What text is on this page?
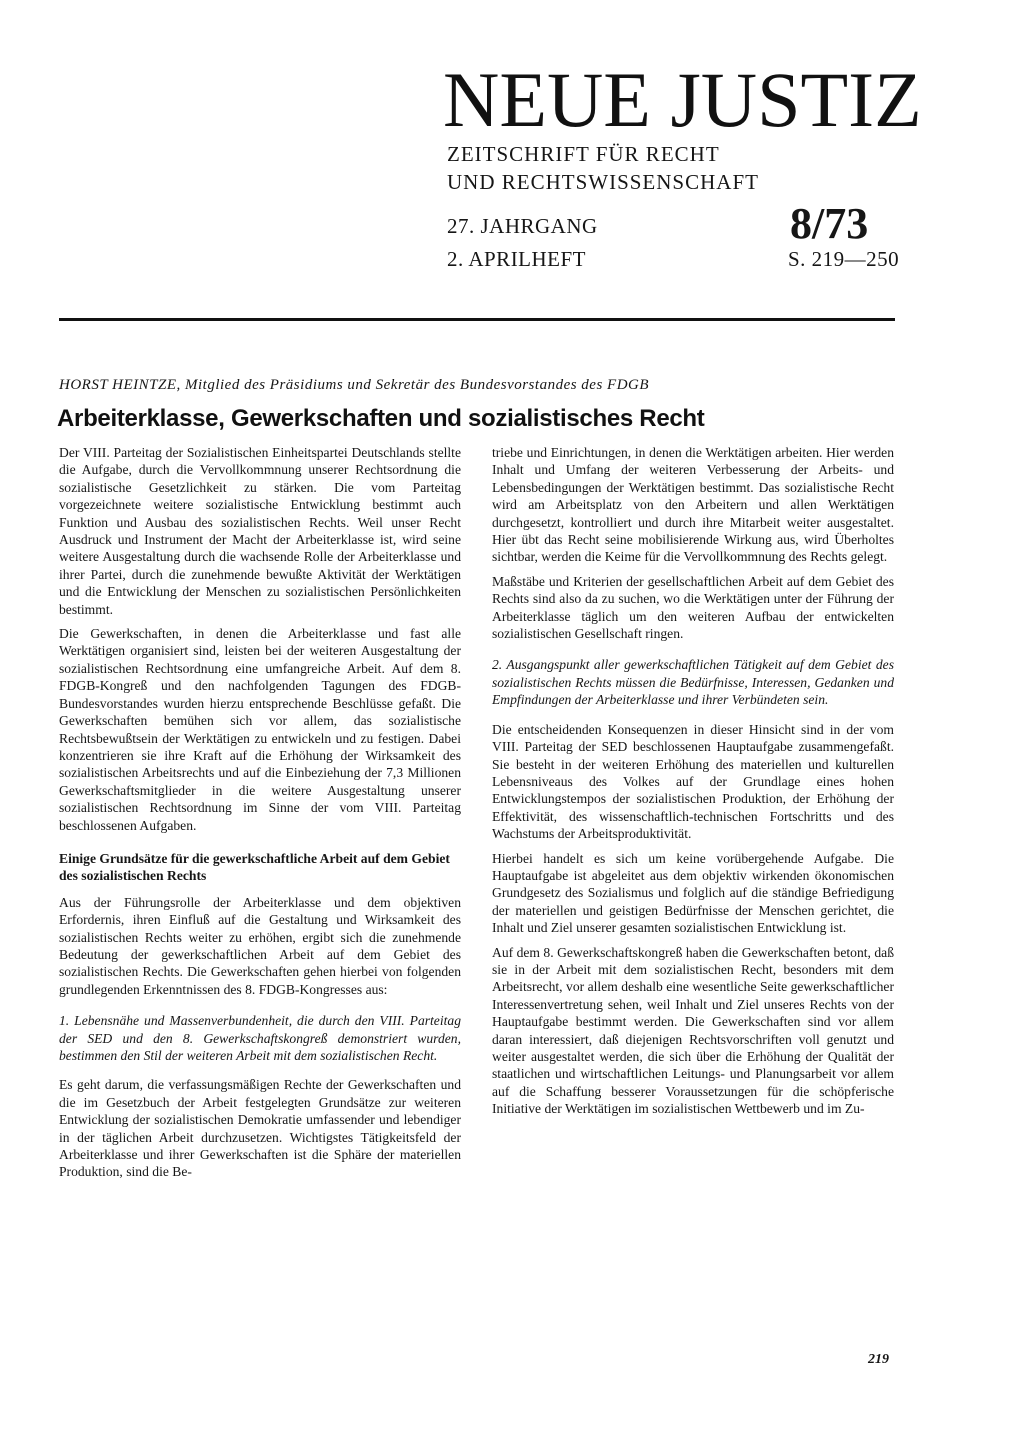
NEUE JUSTIZ
ZEITSCHRIFT FÜR RECHT
UND RECHTSWISSENSCHAFT
27. JAHRGANG
2. APRILHEFT
8/73
S. 219—250
HORST HEINTZE, Mitglied des Präsidiums und Sekretär des Bundesvorstandes des FDGB
Arbeiterklasse, Gewerkschaften und sozialistisches Recht

Der VIII. Parteitag der Sozialistischen Einheitspartei Deutschlands stellte die Aufgabe, durch die Vervollkommnung unserer Rechtsordnung die sozialistische Gesetzlichkeit zu stärken. Die vom Parteitag vorgezeichnete weitere sozialistische Entwicklung bestimmt auch Funktion und Ausbau des sozialistischen Rechts. Weil unser Recht Ausdruck und Instrument der Macht der Arbeiterklasse ist, wird seine weitere Ausgestaltung durch die wachsende Rolle der Arbeiterklasse und ihrer Partei, durch die zunehmende bewußte Aktivität der Werktätigen und die Entwicklung der Menschen zu sozialistischen Persönlichkeiten bestimmt.

Die Gewerkschaften, in denen die Arbeiterklasse und fast alle Werktätigen organisiert sind, leisten bei der weiteren Ausgestaltung der sozialistischen Rechtsordnung eine umfangreiche Arbeit. Auf dem 8. FDGB-Kongreß und den nachfolgenden Tagungen des FDGB-Bundesvorstandes wurden hierzu entsprechende Beschlüsse gefaßt. Die Gewerkschaften bemühen sich vor allem, das sozialistische Rechtsbewußtsein der Werktätigen zu entwickeln und zu festigen. Dabei konzentrieren sie ihre Kraft auf die Erhöhung der Wirksamkeit des sozialistischen Arbeitsrechts und auf die Einbeziehung der 7,3 Millionen Gewerkschaftsmitglieder in die weitere Ausgestaltung unserer sozialistischen Rechtsordnung im Sinne der vom VIII. Parteitag beschlossenen Aufgaben.

Einige Grundsätze für die gewerkschaftliche Arbeit auf dem Gebiet des sozialistischen Rechts

Aus der Führungsrolle der Arbeiterklasse und dem objektiven Erfordernis, ihren Einfluß auf die Gestaltung und Wirksamkeit des sozialistischen Rechts weiter zu erhöhen, ergibt sich die zunehmende Bedeutung der gewerkschaftlichen Arbeit auf dem Gebiet des sozialistischen Rechts. Die Gewerkschaften gehen hierbei von folgenden grundlegenden Erkenntnissen des 8. FDGB-Kongresses aus:

1. Lebensnähe und Massenverbundenheit, die durch den VIII. Parteitag der SED und den 8. Gewerkschaftskongreß demonstriert wurden, bestimmen den Stil der weiteren Arbeit mit dem sozialistischen Recht.

Es geht darum, die verfassungsmäßigen Rechte der Gewerkschaften und die im Gesetzbuch der Arbeit festgelegten Grundsätze zur weiteren Entwicklung der sozialistischen Demokratie umfassender und lebendiger in der täglichen Arbeit durchzusetzen. Wichtigstes Tätigkeitsfeld der Arbeiterklasse und ihrer Gewerkschaften ist die Sphäre der materiellen Produktion, sind die Be-

triebe und Einrichtungen, in denen die Werktätigen arbeiten. Hier werden Inhalt und Umfang der weiteren Verbesserung der Arbeits- und Lebensbedingungen der Werktätigen bestimmt. Das sozialistische Recht wird am Arbeitsplatz von den Arbeitern und allen Werktätigen durchgesetzt, kontrolliert und durch ihre Mitarbeit weiter ausgestaltet. Hier übt das Recht seine mobilisierende Wirkung aus, wird Überholtes sichtbar, werden die Keime für die Vervollkommnung des Rechts gelegt.

Maßstäbe und Kriterien der gesellschaftlichen Arbeit auf dem Gebiet des Rechts sind also da zu suchen, wo die Werktätigen unter der Führung der Arbeiterklasse täglich um den weiteren Aufbau der entwickelten sozialistischen Gesellschaft ringen.

2. Ausgangspunkt aller gewerkschaftlichen Tätigkeit auf dem Gebiet des sozialistischen Rechts müssen die Bedürfnisse, Interessen, Gedanken und Empfindungen der Arbeiterklasse und ihrer Verbündeten sein.

Die entscheidenden Konsequenzen in dieser Hinsicht sind in der vom VIII. Parteitag der SED beschlossenen Hauptaufgabe zusammengefaßt. Sie besteht in der weiteren Erhöhung des materiellen und kulturellen Lebensniveaus des Volkes auf der Grundlage eines hohen Entwicklungstempos der sozialistischen Produktion, der Erhöhung der Effektivität, des wissenschaftlich-technischen Fortschritts und des Wachstums der Arbeitsproduktivität.

Hierbei handelt es sich um keine vorübergehende Aufgabe. Die Hauptaufgabe ist abgeleitet aus dem objektiv wirkenden ökonomischen Grundgesetz des Sozialismus und folglich auf die ständige Befriedigung der materiellen und geistigen Bedürfnisse der Menschen gerichtet, die Inhalt und Ziel unserer gesamten sozialistischen Entwicklung ist.

Auf dem 8. Gewerkschaftskongreß haben die Gewerkschaften betont, daß sie in der Arbeit mit dem sozialistischen Recht, besonders mit dem Arbeitsrecht, vor allem deshalb eine wesentliche Seite gewerkschaftlicher Interessenvertretung sehen, weil Inhalt und Ziel unseres Rechts von der Hauptaufgabe bestimmt werden. Die Gewerkschaften sind vor allem daran interessiert, daß diejenigen Rechtsvorschriften voll genutzt und weiter ausgestaltet werden, die sich über die Erhöhung der Qualität der staatlichen und wirtschaftlichen Leitungs- und Planungsarbeit vor allem auf die Schaffung besserer Voraussetzungen für die schöpferische Initiative der Werktätigen im sozialistischen Wettbewerb und im Zu-

219
